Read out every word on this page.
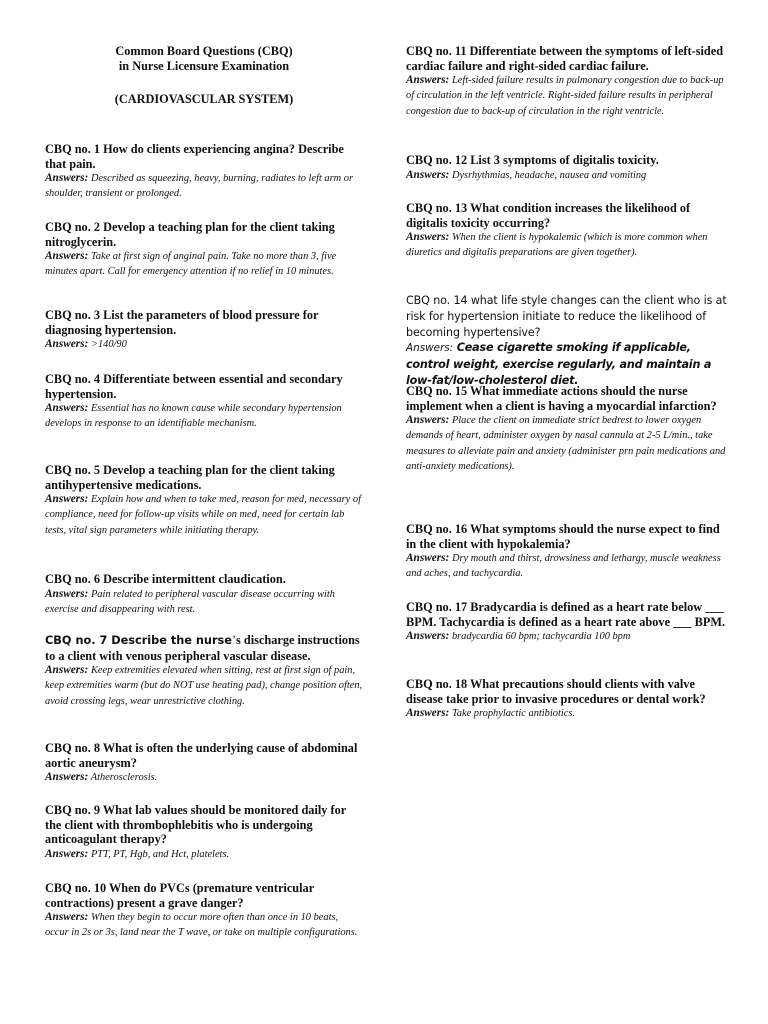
Common Board Questions (CBQ)
in Nurse Licensure Examination
(CARDIOVASCULAR SYSTEM)
CBQ no. 1 How do clients experiencing angina? Describe that pain.
Answers: Described as squeezing, heavy, burning, radiates to left arm or shoulder, transient or prolonged.
CBQ no. 2 Develop a teaching plan for the client taking nitroglycerin.
Answers: Take at first sign of anginal pain. Take no more than 3, five minutes apart. Call for emergency attention if no relief in 10 minutes.
CBQ no. 3 List the parameters of blood pressure for diagnosing hypertension.
Answers: >140/90
CBQ no. 4 Differentiate between essential and secondary hypertension.
Answers: Essential has no known cause while secondary hypertension develops in response to an identifiable mechanism.
CBQ no. 5 Develop a teaching plan for the client taking antihypertensive medications.
Answers: Explain how and when to take med, reason for med, necessary of compliance, need for follow-up visits while on med, need for certain lab tests, vital sign parameters while initiating therapy.
CBQ no. 6 Describe intermittent claudication.
Answers: Pain related to peripheral vascular disease occurring with exercise and disappearing with rest.
CBQ no. 7 Describe the nurse’s discharge instructions to a client with venous peripheral vascular disease.
Answers: Keep extremities elevated when sitting, rest at first sign of pain, keep extremities warm (but do NOT use heating pad), change position often, avoid crossing legs, wear unrestrictive clothing.
CBQ no. 8 What is often the underlying cause of abdominal aortic aneurysm?
Answers: Atherosclerosis.
CBQ no. 9 What lab values should be monitored daily for the client with thrombophlebitis who is undergoing anticoagulant therapy?
Answers: PTT, PT, Hgb, and Hct, platelets.
CBQ no. 10 When do PVCs (premature ventricular contractions) present a grave danger?
Answers: When they begin to occur more often than once in 10 beats, occur in 2s or 3s, land near the T wave, or take on multiple configurations.
CBQ no. 11 Differentiate between the symptoms of left-sided cardiac failure and right-sided cardiac failure.
Answers: Left-sided failure results in pulmonary congestion due to back-up of circulation in the left ventricle. Right-sided failure results in peripheral congestion due to back-up of circulation in the right ventricle.
CBQ no. 12 List 3 symptoms of digitalis toxicity.
Answers: Dysrhythmias, headache, nausea and vomiting
CBQ no. 13 What condition increases the likelihood of digitalis toxicity occurring?
Answers: When the client is hypokalemic (which is more common when diuretics and digitalis preparations are given together).
CBQ no. 14 what life style changes can the client who is at risk for hypertension initiate to reduce the likelihood of becoming hypertensive?
Answers: Cease cigarette smoking if applicable, control weight, exercise regularly, and maintain a low-fat/low-cholesterol diet.
CBQ no. 15 What immediate actions should the nurse implement when a client is having a myocardial infarction?
Answers: Place the client on immediate strict bedrest to lower oxygen demands of heart, administer oxygen by nasal cannula at 2-5 L/min., take measures to alleviate pain and anxiety (administer prn pain medications and anti-anxiety medications).
CBQ no. 16 What symptoms should the nurse expect to find in the client with hypokalemia?
Answers: Dry mouth and thirst, drowsiness and lethargy, muscle weakness and aches, and tachycardia.
CBQ no. 17 Bradycardia is defined as a heart rate below ___ BPM. Tachycardia is defined as a heart rate above ___ BPM.
Answers: bradycardia 60 bpm; tachycardia 100 bpm
CBQ no. 18 What precautions should clients with valve disease take prior to invasive procedures or dental work?
Answers: Take prophylactic antibiotics.
